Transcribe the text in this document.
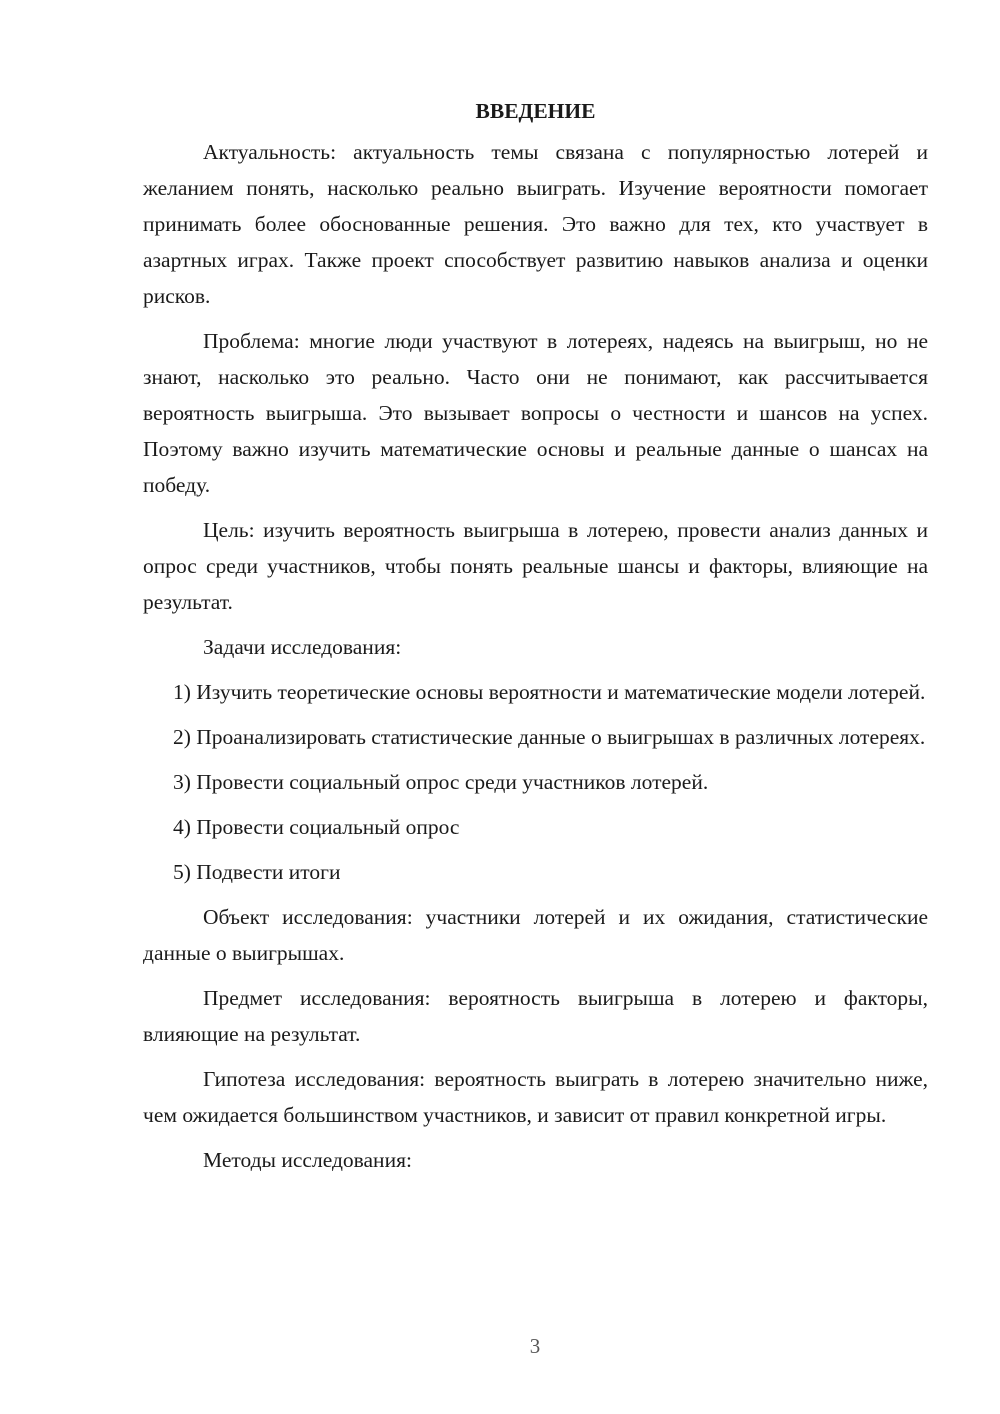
ВВЕДЕНИЕ

Актуальность: актуальность темы связана с популярностью лотерей и желанием понять, насколько реально выиграть. Изучение вероятности помогает принимать более обоснованные решения. Это важно для тех, кто участвует в азартных играх. Также проект способствует развитию навыков анализа и оценки рисков.

Проблема: многие люди участвуют в лотереях, надеясь на выигрыш, но не знают, насколько это реально. Часто они не понимают, как рассчитывается вероятность выигрыша. Это вызывает вопросы о честности и шансов на успех. Поэтому важно изучить математические основы и реальные данные о шансах на победу.

Цель: изучить вероятность выигрыша в лотерею, провести анализ данных и опрос среди участников, чтобы понять реальные шансы и факторы, влияющие на результат.

Задачи исследования:

1) Изучить теоретические основы вероятности и математические модели лотерей.

2) Проанализировать статистические данные о выигрышах в различных лотереях.

3) Провести социальный опрос среди участников лотерей.

4) Провести социальный опрос

5) Подвести итоги

Объект исследования: участники лотерей и их ожидания, статистические данные о выигрышах.

Предмет исследования: вероятность выигрыша в лотерею и факторы, влияющие на результат.

Гипотеза исследования: вероятность выиграть в лотерею значительно ниже, чем ожидается большинством участников, и зависит от правил конкретной игры.

Методы исследования:

3
